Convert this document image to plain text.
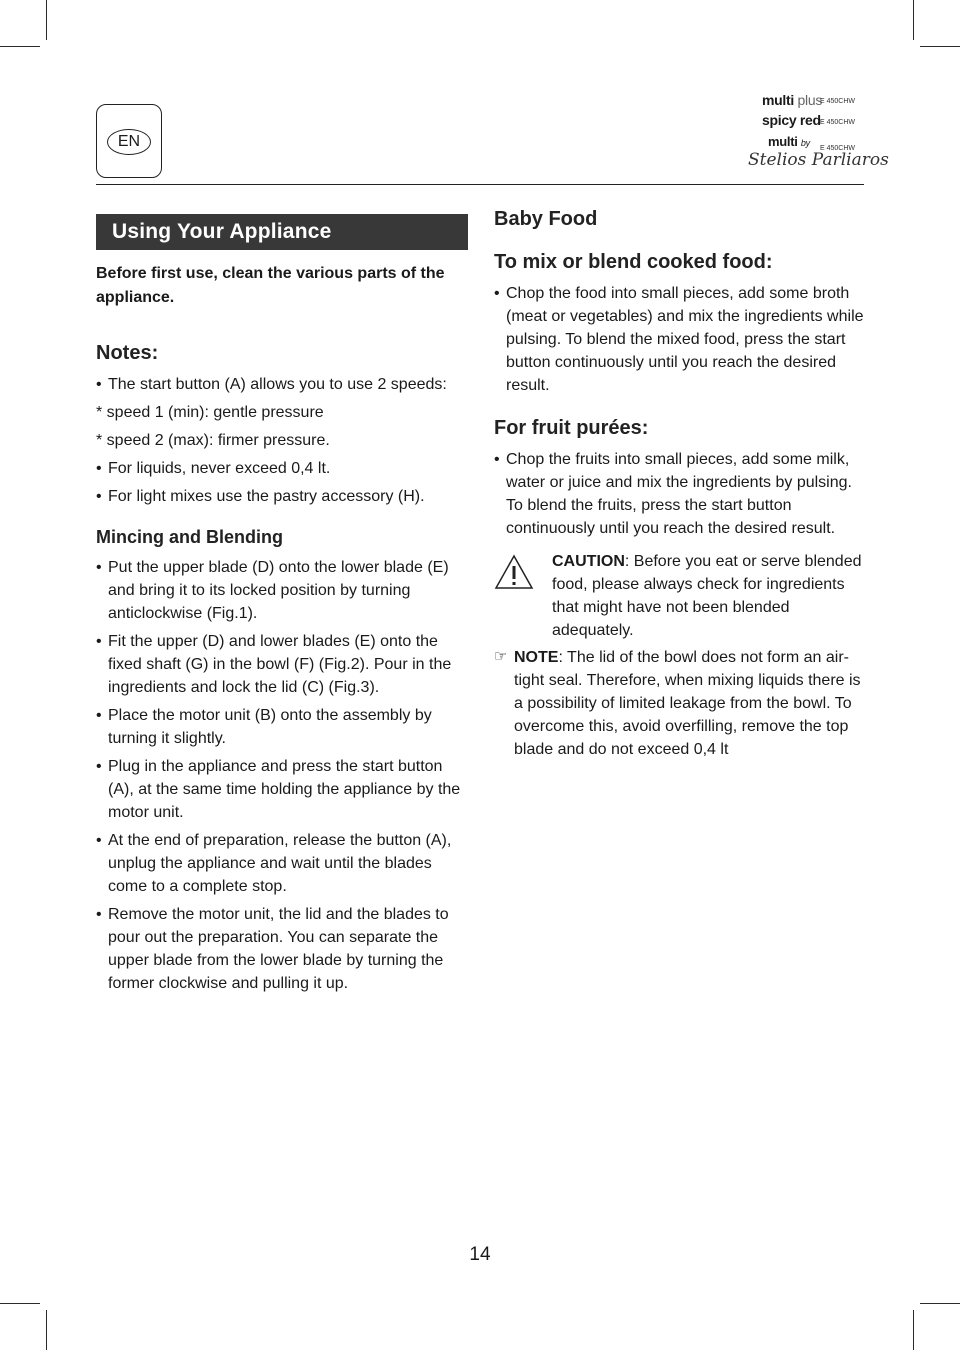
EN
multi plus
spicy red
multi by
Stelios Parliaros
E 450CHW
E 450CHW
E 450CHW
Using Your Appliance

Before first use, clean the various parts of the appliance.

Notes:
• The start button (A) allows you to use 2 speeds:

* speed 1 (min): gentle pressure

* speed 2 (max): firmer pressure.

• For liquids, never exceed 0,4 lt.
• For light mixes use the pastry accessory (H).
Mincing and Blending
• Put the upper blade (D) onto the lower blade (E) and bring it to its locked position by turning anticlockwise (Fig.1).
• Fit the upper (D) and lower blades (E) onto the fixed shaft (G) in the bowl (F) (Fig.2). Pour in the ingredients and lock the lid (C) (Fig.3).
• Place the motor unit (B) onto the assembly by turning it slightly.
• Plug in the appliance and press the start button (A), at the same time holding the appliance by the motor unit.
• At the end of preparation, release the button (A), unplug the appliance and wait until the blades come to a complete stop.
• Remove the motor unit, the lid and the blades to pour out the preparation. You can separate the upper blade from the lower blade by turning the former clockwise and pulling it up.
Baby Food
To mix or blend cooked food:
• Chop the food into small pieces, add some broth (meat or vegetables) and mix the ingredients while pulsing. To blend the mixed food, press the start button continuously until you reach the desired result.
For fruit purées:
• Chop the fruits into small pieces, add some milk, water or juice and mix the ingredients by pulsing. To blend the fruits, press the start button continuously until you reach the desired result.

CAUTION: Before you eat or serve blended food, please always check for ingredients that might have not been blended adequately.

☞ NOTE: The lid of the bowl does not form an air-tight seal. Therefore, when mixing liquids there is a possibility of limited leakage from the bowl. To overcome this, avoid overfilling, remove the top blade and do not exceed 0,4 lt

14
